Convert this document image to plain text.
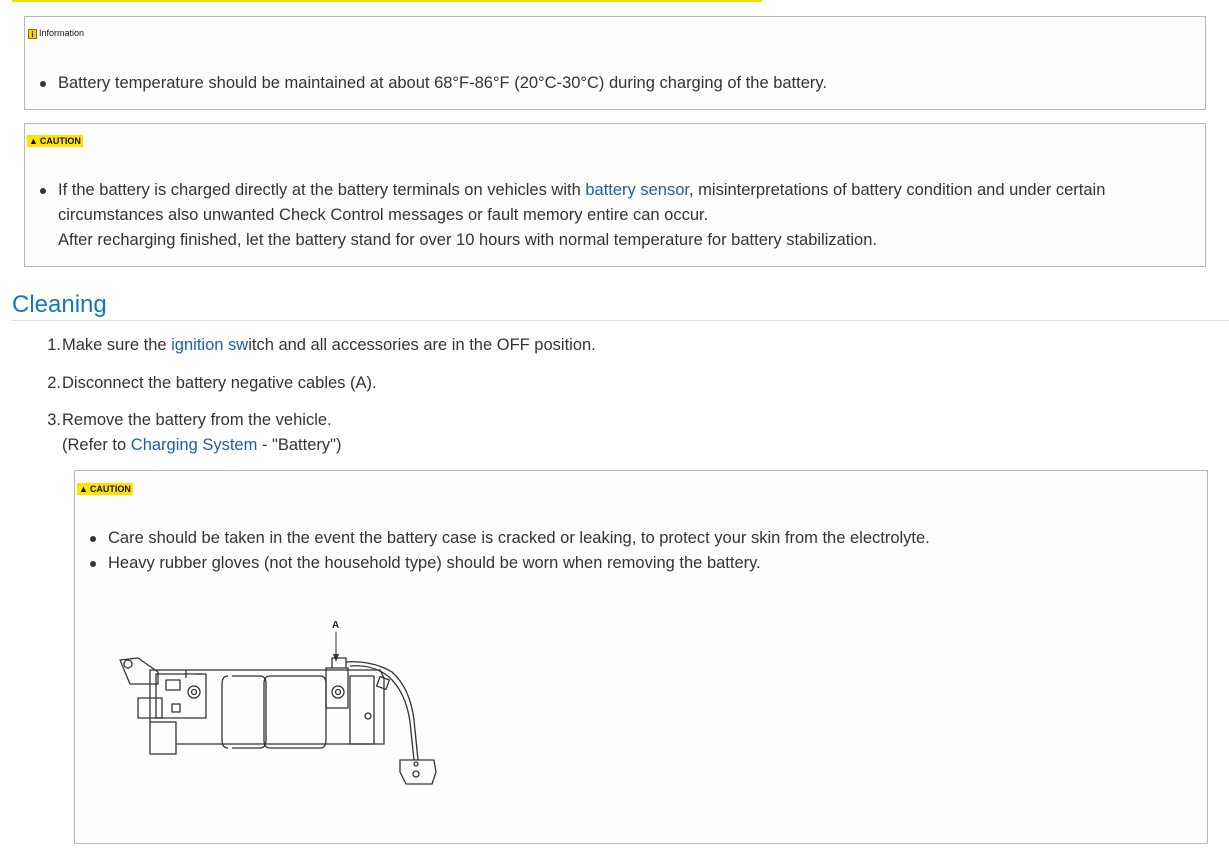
i Information
Battery temperature should be maintained at about 68°F-86°F (20°C-30°C) during charging of the battery.
▲ CAUTION
If the battery is charged directly at the battery terminals on vehicles with battery sensor, misinterpretations of battery condition and under certain
circumstances also unwanted Check Control messages or fault memory entire can occur.
After recharging finished, let the battery stand for over 10 hours with normal temperature for battery stabilization.
Cleaning
1. Make sure the ignition switch and all accessories are in the OFF position.
2. Disconnect the battery negative cables (A).
3. Remove the battery from the vehicle.
(Refer to Charging System - "Battery")
▲ CAUTION
Care should be taken in the event the battery case is cracked or leaking, to protect your skin from the electrolyte.
Heavy rubber gloves (not the household type) should be worn when removing the battery.
A
